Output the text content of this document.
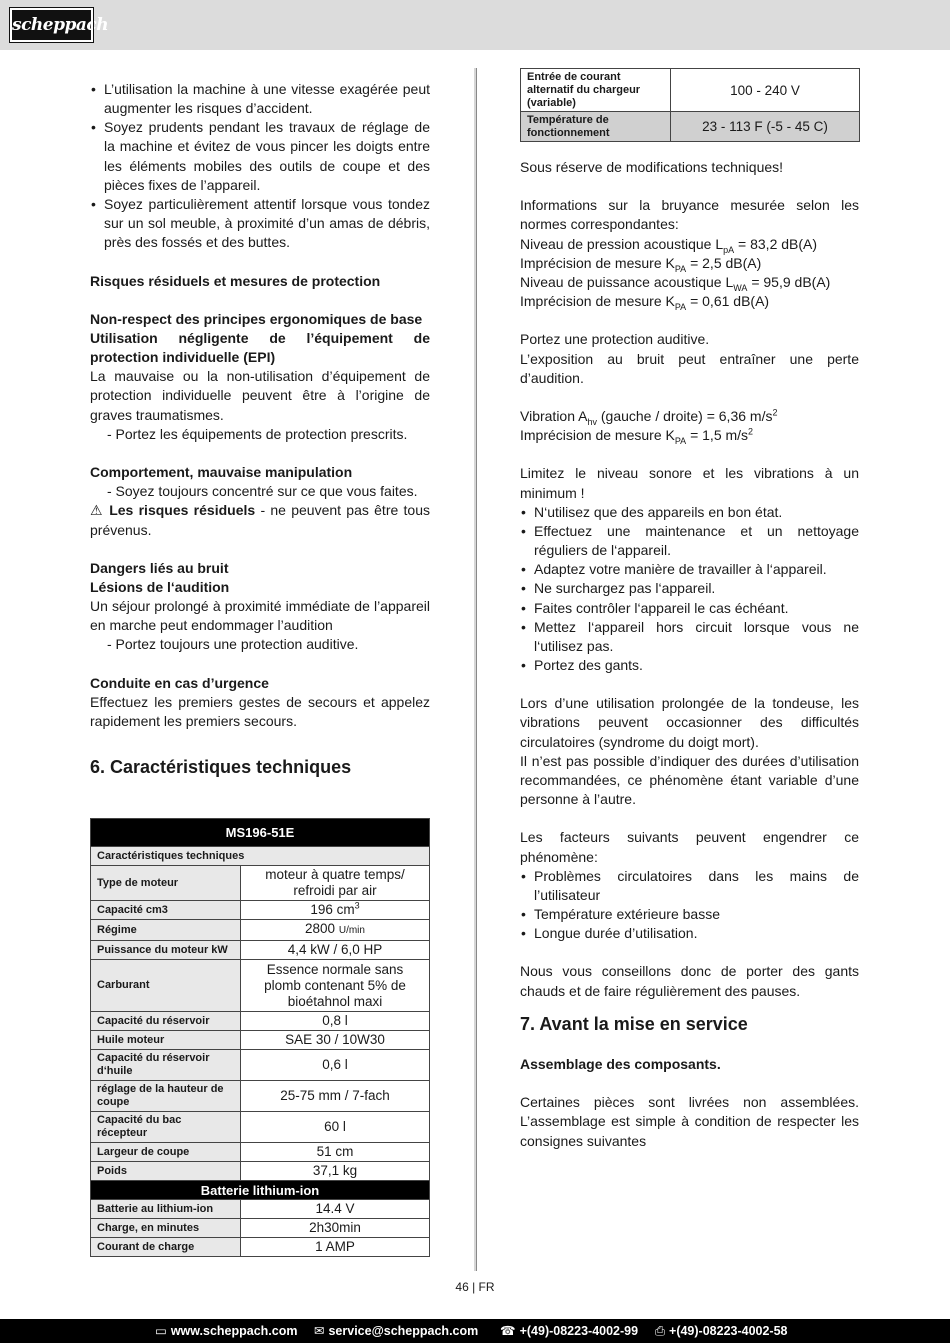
scheppach
• L’utilisation la machine à une vitesse exagérée peut augmenter les risques d’accident.
• Soyez prudents pendant les travaux de réglage de la machine et évitez de vous pincer les doigts entre les éléments mobiles des outils de coupe et des pièces fixes de l’appareil.
• Soyez particulièrement attentif lorsque vous tondez sur un sol meuble, à proximité d’un amas de débris, près des fossés et des buttes.

Risques résiduels et mesures de protection

Non-respect des principes ergonomiques de base

Utilisation négligente de l’équipement de protection individuelle (EPI)

La mauvaise ou la non-utilisation d’équipement de protection individuelle peuvent être à l’origine de graves traumatismes.

- Portez les équipements de protection prescrits.

Comportement, mauvaise manipulation

- Soyez toujours concentré sur ce que vous faites.

⚠ Les risques résiduels - ne peuvent pas être tous prévenus.

Dangers liés au bruit

Lésions de l‘audition

Un séjour prolongé à proximité immédiate de l’appareil en marche peut endommager l’audition

- Portez toujours une protection auditive.

Conduite en cas d’urgence

Effectuez les premiers gestes de secours et appelez rapidement les premiers secours.

6. Caractéristiques techniques

MS196-51E	
Caractéristiques techniques	
Type de moteur	moteur à quatre temps/ refroidi par air
Capacité cm3	196 $cm^3$
Régime	2800 U/min
Puissance du moteur kW	4,4 kW / 6,0 HP
Carburant	Essence normale sans plomb contenant 5% de bioétahnol maxi
Capacité du réservoir	0,8 l
Huile moteur	SAE 30 / 10W30
Capacité du réservoir d‘huile	0,6 l
réglage de la hauteur de coupe	25-75 mm / 7-fach
Capacité du bac récepteur	60 l
Largeur de coupe	51 cm
Poids	37,1 kg
Batterie lithium-ion	
Batterie au lithium-ion	14.4 V
Charge, en minutes	2h30min
Courant de charge	1 AMP
Entrée de courant alternatif du chargeur (variable)	100 - 240 V
Température de fonctionnement	23 - 113 F (-5 - 45 C)

Sous réserve de modifications techniques!

Informations sur la bruyance mesurée selon les normes correspondantes:

Niveau de pression acoustique $L_{pA} = 83,2$ dB(A)

Imprécision de mesure $K_{PA} = 2,5$ dB(A)

Niveau de puissance acoustique $L_{WA} = 95,9$ dB(A)

Imprécision de mesure $K_{PA} = 0,61$ dB(A)

Portez une protection auditive.

L’exposition au bruit peut entraîner une perte d’audition.

Vibration $A_{hv}$ (gauche / droite) = 6,36 $m/s^2$

Imprécision de mesure $K_{PA} = 1,5$ $m/s^2$

Limitez le niveau sonore et les vibrations à un minimum !

• N‘utilisez que des appareils en bon état.
• Effectuez une maintenance et un nettoyage réguliers de l‘appareil.
• Adaptez votre manière de travailler à l‘appareil.
• Ne surchargez pas l‘appareil.
• Faites contrôler l‘appareil le cas échéant.
• Mettez l‘appareil hors circuit lorsque vous ne l‘utilisez pas.
• Portez des gants.

Lors d’une utilisation prolongée de la tondeuse, les vibrations peuvent occasionner des difficultés circulatoires (syndrome du doigt mort).

Il n’est pas possible d’indiquer des durées d’utilisation recommandées, ce phénomène étant variable d’une personne à l’autre.

Les facteurs suivants peuvent engendrer ce phénomène:

• Problèmes circulatoires dans les mains de l’utilisateur
• Température extérieure basse
• Longue durée d’utilisation.

Nous vous conseillons donc de porter des gants chauds et de faire régulièrement des pauses.

7. Avant la mise en service

Assemblage des composants.

Certaines pièces sont livrées non assemblées. L’assemblage est simple à condition de respecter les consignes suivantes

46 | FR
▭ www.scheppach.com ✉ service@scheppach.com ☎ +(49)-08223-4002-99 ⎙ +(49)-08223-4002-58
